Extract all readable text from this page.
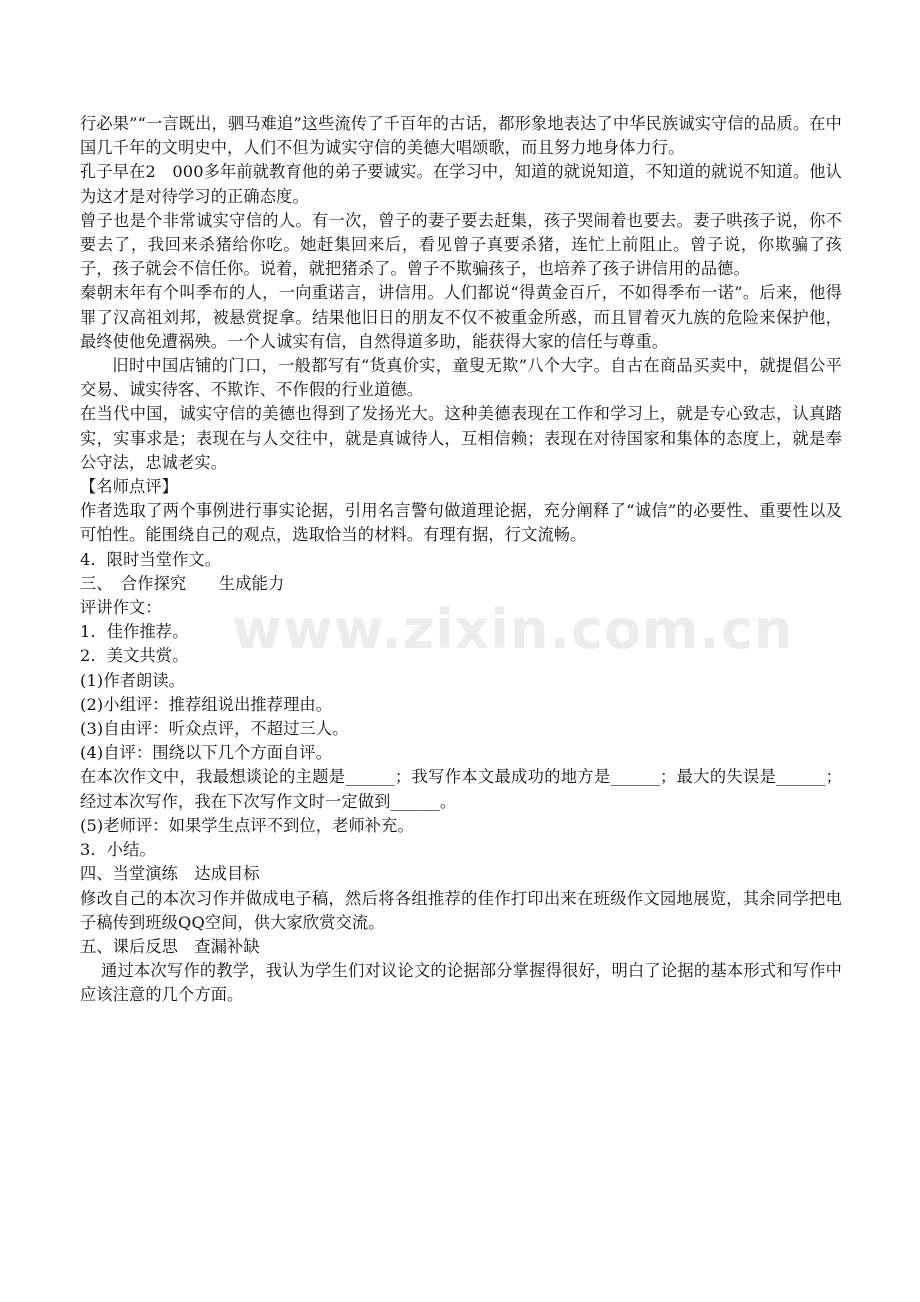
行必果”“一言既出，驷马难追”这些流传了千百年的古话，都形象地表达了中华民族诚实守信的品质。在中国几千年的文明史中，人们不但为诚实守信的美德大唱颂歌，而且努力地身体力行。

孔子早在2　000多年前就教育他的弟子要诚实。在学习中，知道的就说知道，不知道的就说不知道。他认为这才是对待学习的正确态度。

曾子也是个非常诚实守信的人。有一次，曾子的妻子要去赶集，孩子哭闹着也要去。妻子哄孩子说，你不要去了，我回来杀猪给你吃。她赶集回来后，看见曾子真要杀猪，连忙上前阻止。曾子说，你欺骗了孩子，孩子就会不信任你。说着，就把猪杀了。曾子不欺骗孩子，也培养了孩子讲信用的品德。

秦朝末年有个叫季布的人，一向重诺言，讲信用。人们都说“得黄金百斤，不如得季布一诺”。后来，他得罪了汉高祖刘邦，被悬赏捉拿。结果他旧日的朋友不仅不被重金所惑，而且冒着灭九族的危险来保护他，最终使他免遭祸殃。一个人诚实有信，自然得道多助，能获得大家的信任与尊重。

旧时中国店铺的门口，一般都写有“货真价实，童叟无欺”八个大字。自古在商品买卖中，就提倡公平交易、诚实待客、不欺诈、不作假的行业道德。

在当代中国，诚实守信的美德也得到了发扬光大。这种美德表现在工作和学习上，就是专心致志，认真踏实，实事求是；表现在与人交往中，就是真诚待人，互相信赖；表现在对待国家和集体的态度上，就是奉公守法，忠诚老实。

【名师点评】

作者选取了两个事例进行事实论据，引用名言警句做道理论据，充分阐释了“诚信”的必要性、重要性以及可怕性。能围绕自己的观点，选取恰当的材料。有理有据，行文流畅。

4．限时当堂作文。

三、　合作探究　　生成能力

评讲作文：

1．佳作推荐。

2．美文共赏。

(1)作者朗读。

(2)小组评：推荐组说出推荐理由。

(3)自由评：听众点评，不超过三人。

(4)自评：围绕以下几个方面自评。

在本次作文中，我最想谈论的主题是______；我写作本文最成功的地方是______；最大的失误是______；经过本次写作，我在下次写作文时一定做到______。

(5)老师评：如果学生点评不到位，老师补充。

3．小结。

四、当堂演练　达成目标

修改自己的本次习作并做成电子稿，然后将各组推荐的佳作打印出来在班级作文园地展览，其余同学把电子稿传到班级QQ空间，供大家欣赏交流。

五、课后反思　查漏补缺

通过本次写作的教学，我认为学生们对议论文的论据部分掌握得很好，明白了论据的基本形式和写作中应该注意的几个方面。

www.zixin.com.cn
